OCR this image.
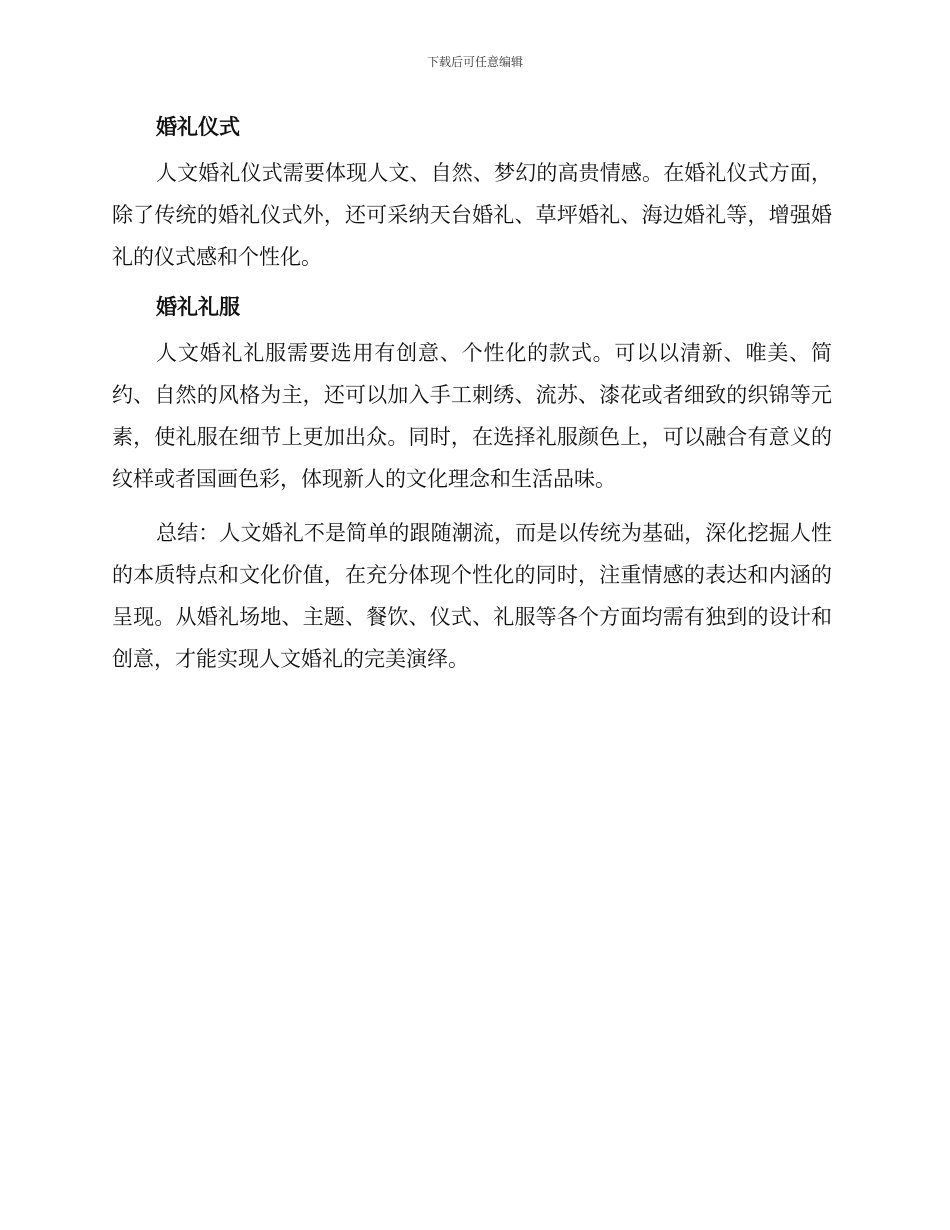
下载后可任意编辑
婚礼仪式

人文婚礼仪式需要体现人文、自然、梦幻的高贵情感。在婚礼仪式方面，除了传统的婚礼仪式外，还可采纳天台婚礼、草坪婚礼、海边婚礼等，增强婚礼的仪式感和个性化。

婚礼礼服

人文婚礼礼服需要选用有创意、个性化的款式。可以以清新、唯美、简约、自然的风格为主，还可以加入手工刺绣、流苏、漆花或者细致的织锦等元素，使礼服在细节上更加出众。同时，在选择礼服颜色上，可以融合有意义的纹样或者国画色彩，体现新人的文化理念和生活品味。

总结：人文婚礼不是简单的跟随潮流，而是以传统为基础，深化挖掘人性的本质特点和文化价值，在充分体现个性化的同时，注重情感的表达和内涵的呈现。从婚礼场地、主题、餐饮、仪式、礼服等各个方面均需有独到的设计和创意，才能实现人文婚礼的完美演绎。
